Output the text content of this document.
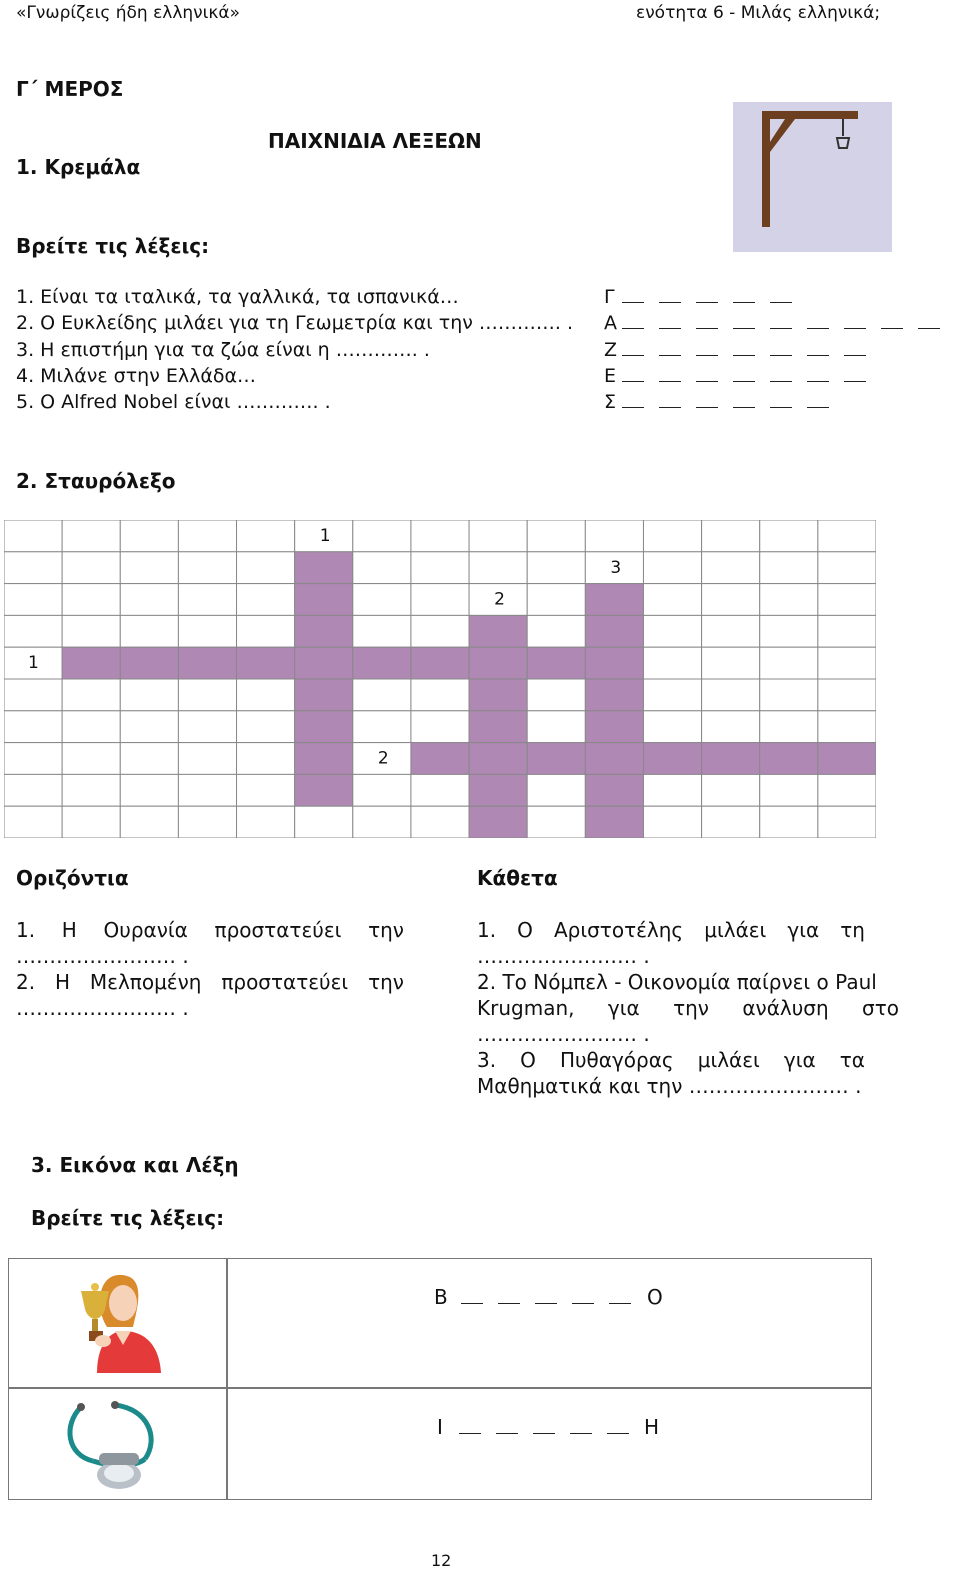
«Γνωρίζεις ήδη ελληνικά»	ενότητα 6 - Μιλάς ελληνικά;
Γ΄ ΜΕΡΟΣ
ΠΑΙΧΝΙΔΙΑ ΛΕΞΕΩΝ
1. Κρεμάλα
Βρείτε τις λέξεις:
1. Είναι τα ιταλικά, τα γαλλικά, τα ισπανικά…	Γ
2. Ο Ευκλείδης μιλάει για τη Γεωμετρία και την …………. . Α
3. Η επιστήμη για τα ζώα είναι η …………. .	Ζ
4. Μιλάνε στην Ελλάδα…	Ε
5. Ο Alfred Nobel είναι …………. .	Σ
2. Σταυρόλεξο
1
3
2
1
2
Οριζόντια
1. Η Ουρανία προστατεύει την
…………………… .
2. Η Μελπομένη προστατεύει την
…………………… .
Κάθετα
1. Ο Αριστοτέλης μιλάει για τη
…………………… .
2. Το Νόμπελ - Οικονομία παίρνει ο Paul
Krugman, για την ανάλυση στο
…………………… .
3. Ο Πυθαγόρας μιλάει για τα
Μαθηματικά και την …………………… .
3. Εικόνα και Λέξη
Βρείτε τις λέξεις:
Β	Ο
Ι	Η
12
